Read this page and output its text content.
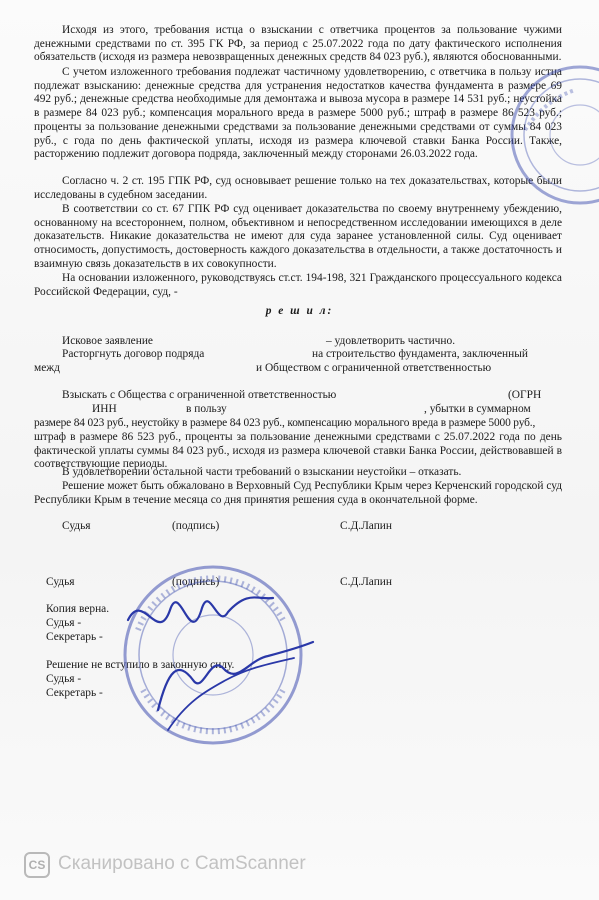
Исходя из этого, требования истца о взыскании с ответчика процентов за пользование чужими денежными средствами по ст. 395 ГК РФ, за период с 25.07.2022 года по дату фактического исполнения обязательств (исходя из размера невозвращенных денежных средств 84 023 руб.), являются обоснованными.

С учетом изложенного требования подлежат частичному удовлетворению, с ответчика в пользу истца подлежат взысканию: денежные средства для устранения недостатков качества фундамента в размере 69 492 руб.; денежные средства необходимые для демонтажа и вывоза мусора в размере 14 531 руб.; неустойка в размере 84 023 руб.; компенсация морального вреда в размере 5000 руб.; штраф в размере 86 523 руб.; проценты за пользование денежными средствами за пользование денежными средствами от суммы 84 023 руб., с года по день фактической уплаты, исходя из размера ключевой ставки Банка России. Также, расторжению подлежит договора подряда, заключенный между сторонами 26.03.2022 года.

Согласно ч. 2 ст. 195 ГПК РФ, суд основывает решение только на тех доказательствах, которые были исследованы в судебном заседании.

В соответствии со ст. 67 ГПК РФ суд оценивает доказательства по своему внутреннему убеждению, основанному на всестороннем, полном, объективном и непосредственном исследовании имеющихся в деле доказательств. Никакие доказательства не имеют для суда заранее установленной силы. Суд оценивает относимость, допустимость, достоверность каждого доказательства в отдельности, а также достаточность и взаимную связь доказательств в их совокупности.

На основании изложенного, руководствуясь ст.ст. 194-198, 321 Гражданского процессуального кодекса Российской Федерации, суд, -

р е ш и л:
Исковое заявление	– удовлетворить частично.
Расторгнуть договор подряда	на строительство фундамента, заключенный
межд	и Обществом с ограниченной ответственностью
Взыскать с Общества с ограниченной ответственностью	(ОГРН
ИНН	в пользу	, убытки в суммарном

размере 84 023 руб., неустойку в размере 84 023 руб., компенсацию морального вреда в размере 5000 руб.,

штраф в размере 86 523 руб., проценты за пользование денежными средствами с 25.07.2022 года по день фактической уплаты суммы 84 023 руб., исходя из размера ключевой ставки Банка России, действовавшей в соответствующие периоды.

В удовлетворении остальной части требований о взыскании неустойки – отказать.

Решение может быть обжаловано в Верховный Суд Республики Крым через Керченский городской суд Республики Крым в течение месяца со дня принятия решения суда в окончательной форме.

Судья	(подпись)	С.Д.Лапин
Судья	(подпись)	С.Д.Лапин
Копия верна.
Судья -
Секретарь -
Решение не вступило в законную силу.
Судья -
Секретарь -
CS Сканировано с CamScanner
